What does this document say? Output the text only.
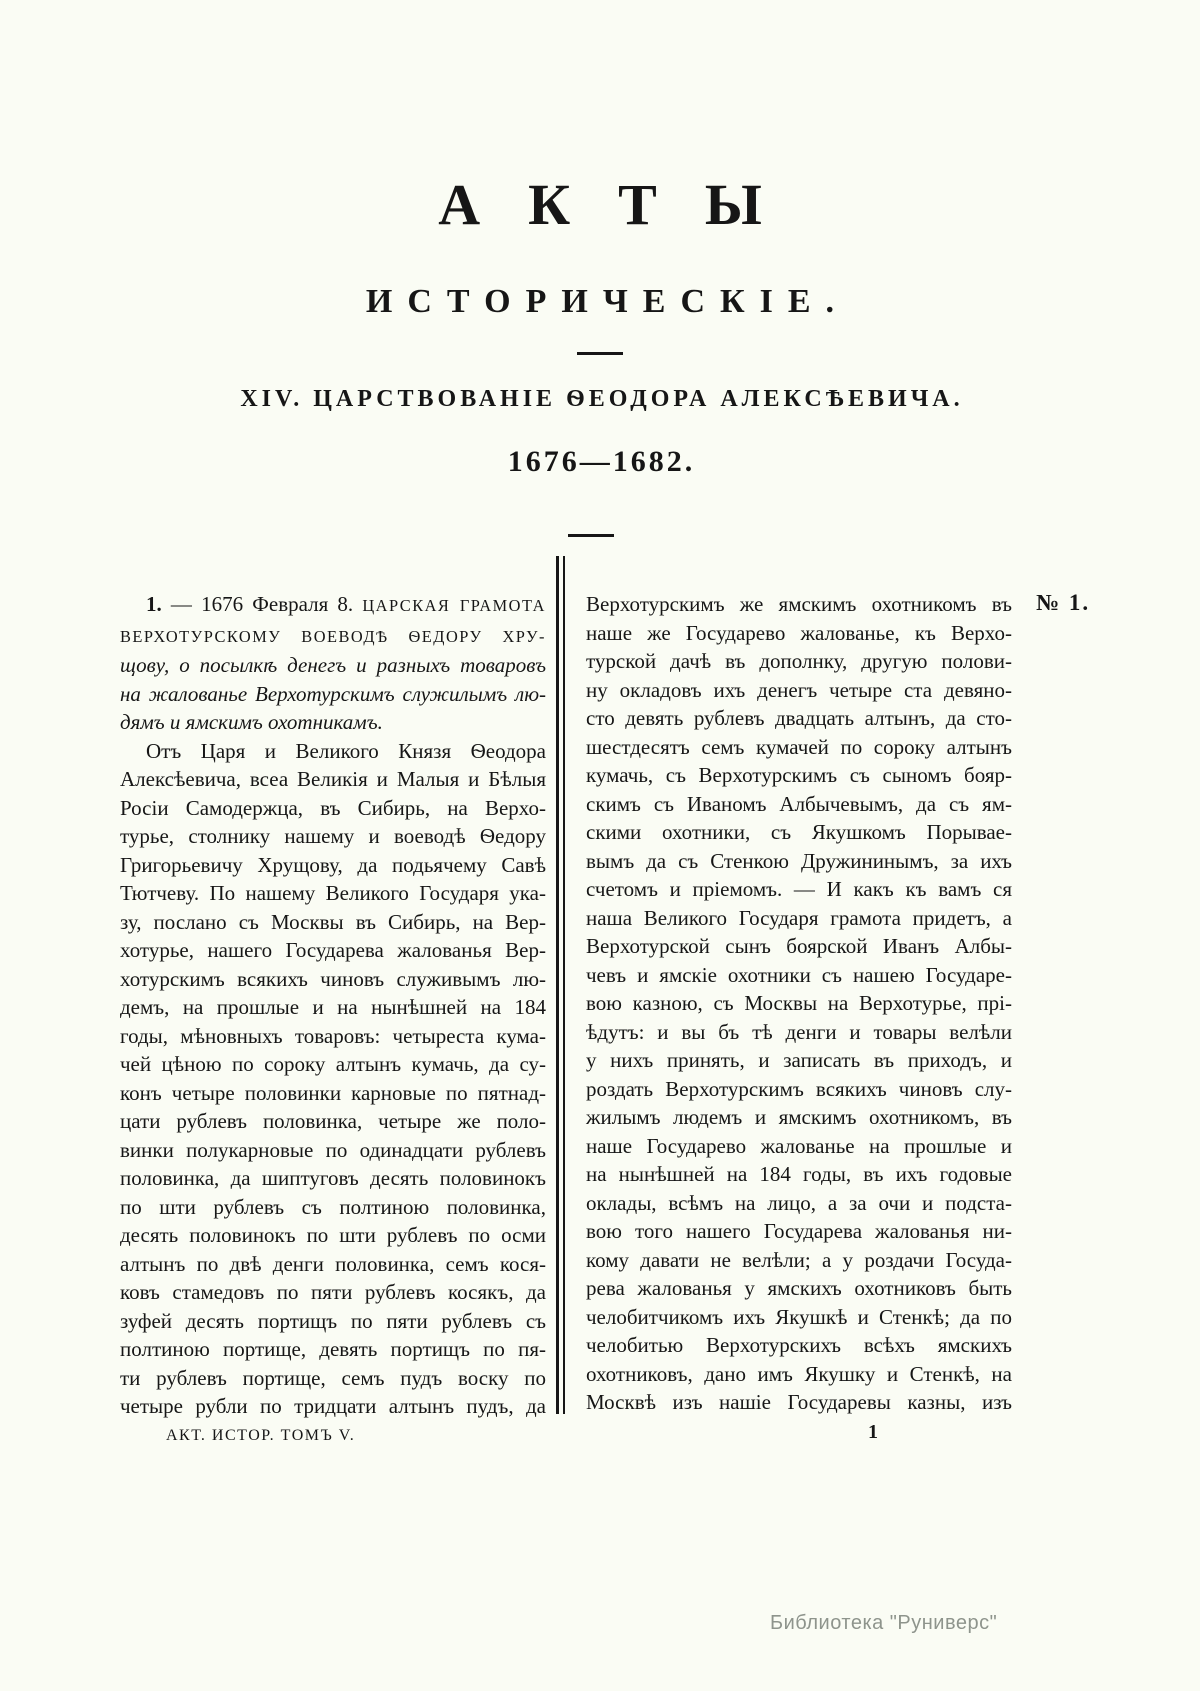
АКТЫ
ИСТОРИЧЕСКІЕ.
XIV. ЦАРСТВОВАНІЕ ѲЕОДОРА АЛЕКСѢЕВИЧА.
1676—1682.
№ 1.
1. — 1676 Февраля 8. ЦАРСКАЯ ГРАМОТА
ВЕРХОТУРСКОМУ ВОЕВОДѢ ѲЕДОРУ ХРУ-
щову, о посылкѣ денегъ и разныхъ товаровъ
на жалованье Верхотурскимъ служилымъ лю-
дямъ и ямскимъ охотникамъ.
Отъ Царя и Великого Князя Ѳеодора
Алексѣевича, всеа Великія и Малыя и Бѣлыя
Росіи Самодержца, въ Сибирь, на Верхо-
турье, столнику нашему и воеводѣ Ѳедору
Григорьевичу Хрущову, да подьячему Савѣ
Тютчеву. По нашему Великого Государя ука-
зу, послано съ Москвы въ Сибирь, на Вер-
хотурье, нашего Государева жалованья Вер-
хотурскимъ всякихъ чиновъ служивымъ лю-
демъ, на прошлые и на нынѣшней на 184
годы, мѣновныхъ товаровъ: четыреста кума-
чей цѣною по сороку алтынъ кумачь, да су-
конъ четыре половинки карновые по пятнад-
цати рублевъ половинка, четыре же поло-
винки полукарновые по одинадцати рублевъ
половинка, да шиптуговъ десять половинокъ
по шти рублевъ съ полтиною половинка,
десять половинокъ по шти рублевъ по осми
алтынъ по двѣ денги половинка, семъ кося-
ковъ стамедовъ по пяти рублевъ косякъ, да
зуфей десять портищъ по пяти рублевъ съ
полтиною портище, девять портищъ по пя-
ти рублевъ портище, семъ пудъ воску по
четыре рубли по тридцати алтынъ пудъ, да
АКТ. ИСТОР. ТОМЪ V.
Верхотурскимъ же ямскимъ охотникомъ въ
наше же Государево жалованье, къ Верхо-
турской дачѣ въ дополнку, другую полови-
ну окладовъ ихъ денегъ четыре ста девяно-
сто девять рублевъ двадцать алтынъ, да сто-
шестдесятъ семъ кумачей по сороку алтынъ
кумачь, съ Верхотурскимъ съ сыномъ бояр-
скимъ съ Иваномъ Албычевымъ, да съ ям-
скими охотники, съ Якушкомъ Порывае-
вымъ да съ Стенкою Дружининымъ, за ихъ
счетомъ и пріемомъ. — И какъ къ вамъ ся
наша Великого Государя грамота придетъ, а
Верхотурской сынъ боярской Иванъ Албы-
чевъ и ямскіе охотники съ нашею Государе-
вою казною, съ Москвы на Верхотурье, прі-
ѣдутъ: и вы бъ тѣ денги и товары велѣли
у нихъ принять, и записать въ приходъ, и
роздать Верхотурскимъ всякихъ чиновъ слу-
жилымъ людемъ и ямскимъ охотникомъ, въ
наше Государево жалованье на прошлые и
на нынѣшней на 184 годы, въ ихъ годовые
оклады, всѣмъ на лицо, а за очи и подста-
вою того нашего Государева жалованья ни-
кому давати не велѣли; а у роздачи Госуда-
рева жалованья у ямскихъ охотниковъ быть
челобитчикомъ ихъ Якушкѣ и Стенкѣ; да по
челобитью Верхотурскихъ всѣхъ ямскихъ
охотниковъ, дано имъ Якушку и Стенкѣ, на
Москвѣ изъ нашіе Государевы казны, изъ
1
Библиотека "Руниверс"
